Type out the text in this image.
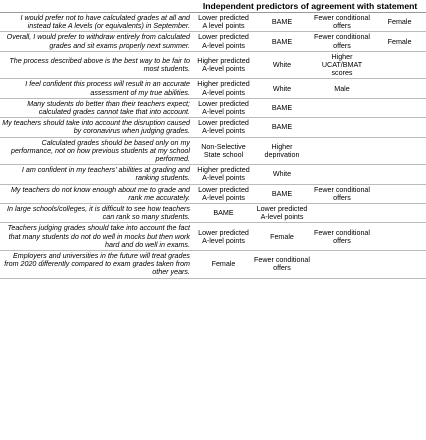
	Independent predictors of agreement with statement			
I would prefer not to have calculated grades at all and instead take A levels (or equivalents) in September.	Lower predicted A level points	BAME	Fewer conditional offers	Female
Overall, I would prefer to withdraw entirely from calculated grades and sit exams properly next summer.	Lower predicted A-level points	BAME	Fewer conditional offers	Female
The process described above is the best way to be fair to most students.	Higher predicted A-level points	White	Higher UCAT/BMAT scores	
I feel confident this process will result in an accurate assessment of my true abilities.	Higher predicted A-level points	White	Male	
Many students do better than their teachers expect; calculated grades cannot take that into account.	Lower predicted A-level points	BAME		
My teachers should take into account the disruption caused by coronavirus when judging grades.	Lower predicted A-level points	BAME		
Calculated grades should be based only on my performance, not on how previous students at my school performed.	Non-Selective State school	Higher deprivation		
I am confident in my teachers' abilities at grading and ranking students.	Higher predicted A-level points	White		
My teachers do not know enough about me to grade and rank me accurately.	Lower predicted A-level points	BAME	Fewer conditional offers	
In large schools/colleges, it is difficult to see how teachers can rank so many students.	BAME	Lower predicted A-level points		
Teachers judging grades should take into account the fact that many students do not do well in mocks but then work hard and do well in exams.	Lower predicted A-level points	Female	Fewer conditional offers	
Employers and universities in the future will treat grades from 2020 differently compared to exam grades taken from other years.	Female	Fewer conditional offers		
